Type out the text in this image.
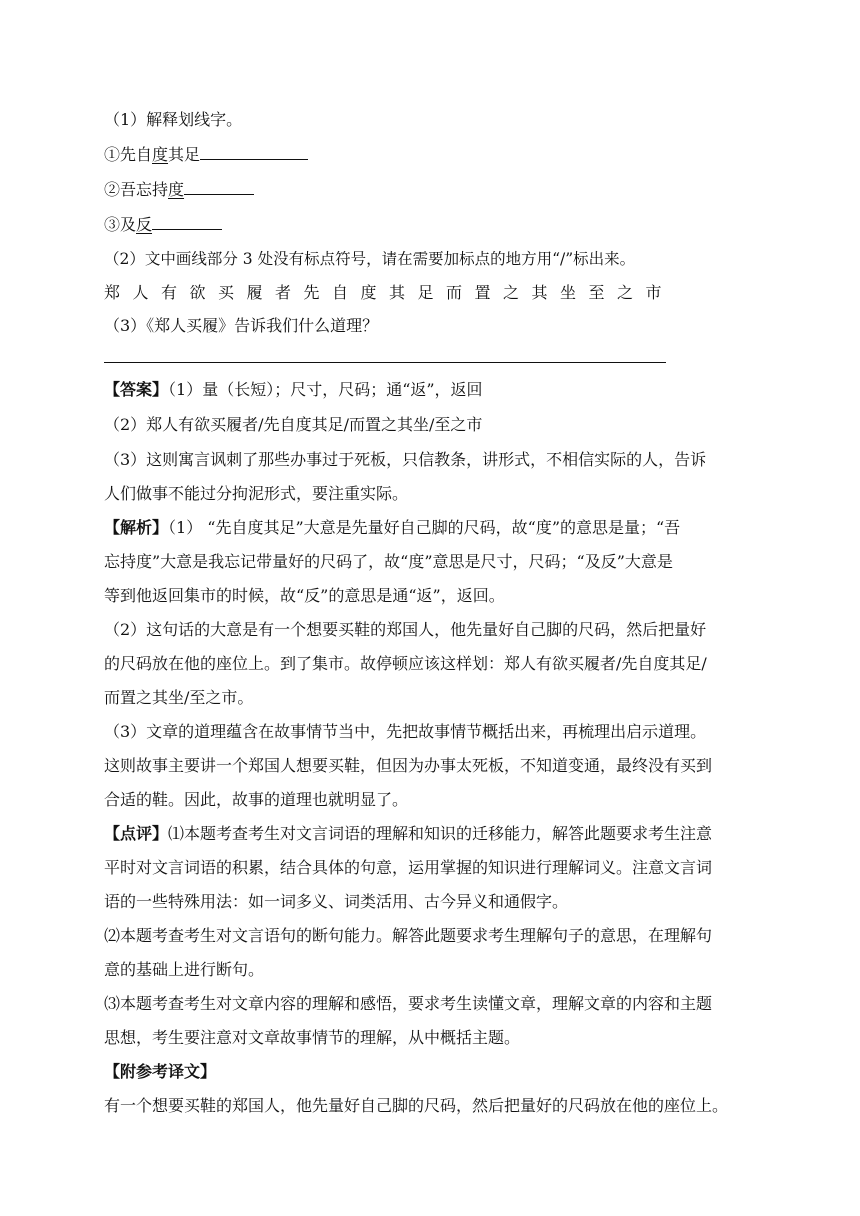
（1）解释划线字。
①先自度其足
②吾忘持度
③及反
（2）文中画线部分 3 处没有标点符号，请在需要加标点的地方用“/”标出来。
郑人有欲买履者先自度其足而置之其坐至之市
（3）《郑人买履》告诉我们什么道理？
【答案】（1）量（长短）；尺寸，尺码；通“返”，返回
（2）郑人有欲买履者/先自度其足/而置之其坐/至之市
（3）这则寓言讽刺了那些办事过于死板，只信教条，讲形式，不相信实际的人，告诉
人们做事不能过分拘泥形式，要注重实际。
【解析】（1） “先自度其足”大意是先量好自己脚的尺码，故“度”的意思是量；“吾
忘持度”大意是我忘记带量好的尺码了，故“度”意思是尺寸，尺码；“及反”大意是
等到他返回集市的时候，故“反”的意思是通“返”，返回。
（2）这句话的大意是有一个想要买鞋的郑国人，他先量好自己脚的尺码，然后把量好
的尺码放在他的座位上。到了集市。故停顿应该这样划：郑人有欲买履者/先自度其足/
而置之其坐/至之市。
（3）文章的道理蕴含在故事情节当中，先把故事情节概括出来，再梳理出启示道理。
这则故事主要讲一个郑国人想要买鞋，但因为办事太死板，不知道变通，最终没有买到
合适的鞋。因此，故事的道理也就明显了。
【点评】⑴本题考查考生对文言词语的理解和知识的迁移能力，解答此题要求考生注意
平时对文言词语的积累，结合具体的句意，运用掌握的知识进行理解词义。注意文言词
语的一些特殊用法：如一词多义、词类活用、古今异义和通假字。
⑵本题考查考生对文言语句的断句能力。解答此题要求考生理解句子的意思，在理解句
意的基础上进行断句。
⑶本题考查考生对文章内容的理解和感悟，要求考生读懂文章，理解文章的内容和主题
思想，考生要注意对文章故事情节的理解，从中概括主题。
【附参考译文】
有一个想要买鞋的郑国人，他先量好自己脚的尺码，然后把量好的尺码放在他的座位上。
